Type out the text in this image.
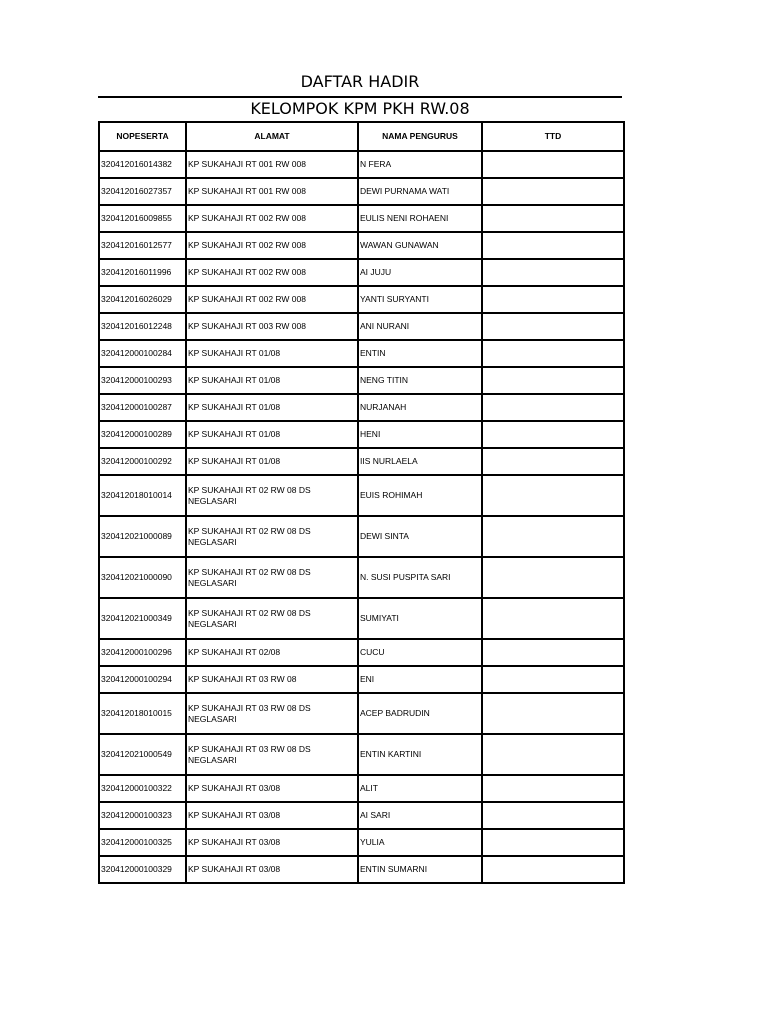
DAFTAR HADIR
KELOMPOK KPM PKH RW.08
NOPESERTA	ALAMAT	NAMA PENGURUS	TTD
320412016014382	KP SUKAHAJI RT 001 RW 008	N FERA	
320412016027357	KP SUKAHAJI RT 001 RW 008	DEWI PURNAMA WATI	
320412016009855	KP SUKAHAJI RT 002 RW 008	EULIS NENI ROHAENI	
320412016012577	KP SUKAHAJI RT 002 RW 008	WAWAN GUNAWAN	
320412016011996	KP SUKAHAJI RT 002 RW 008	AI JUJU	
320412016026029	KP SUKAHAJI RT 002 RW 008	YANTI SURYANTI	
320412016012248	KP SUKAHAJI RT 003 RW 008	ANI NURANI	
320412000100284	KP SUKAHAJI RT 01/08	ENTIN	
320412000100293	KP SUKAHAJI RT 01/08	NENG TITIN	
320412000100287	KP SUKAHAJI RT 01/08	NURJANAH	
320412000100289	KP SUKAHAJI RT 01/08	HENI	
320412000100292	KP SUKAHAJI RT 01/08	IIS NURLAELA	
320412018010014	KP SUKAHAJI RT 02 RW 08 DS NEGLASARI	EUIS ROHIMAH	
320412021000089	KP SUKAHAJI RT 02 RW 08 DS NEGLASARI	DEWI SINTA	
320412021000090	KP SUKAHAJI RT 02 RW 08 DS NEGLASARI	N. SUSI PUSPITA SARI	
320412021000349	KP SUKAHAJI RT 02 RW 08 DS NEGLASARI	SUMIYATI	
320412000100296	KP SUKAHAJI RT 02/08	CUCU	
320412000100294	KP SUKAHAJI RT 03 RW 08	ENI	
320412018010015	KP SUKAHAJI RT 03 RW 08 DS NEGLASARI	ACEP BADRUDIN	
320412021000549	KP SUKAHAJI RT 03 RW 08 DS NEGLASARI	ENTIN KARTINI	
320412000100322	KP SUKAHAJI RT 03/08	ALIT	
320412000100323	KP SUKAHAJI RT 03/08	AI SARI	
320412000100325	KP SUKAHAJI RT 03/08	YULIA	
320412000100329	KP SUKAHAJI RT 03/08	ENTIN SUMARNI	
